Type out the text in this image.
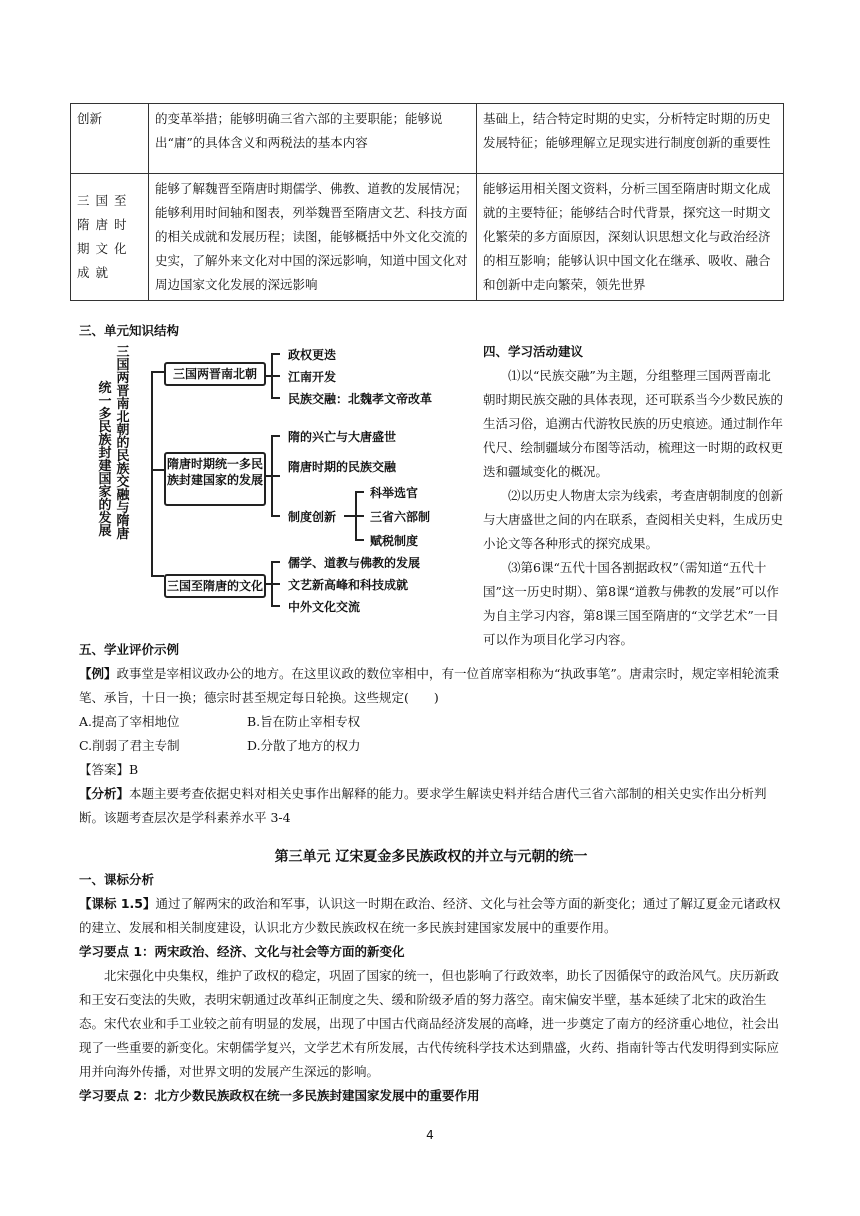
创新	的变革举措；能够明确三省六部的主要职能；能够说出“庸”的具体含义和两税法的基本内容	基础上，结合特定时期的史实，分析特定时期的历史发展特征；能够理解立足现实进行制度创新的重要性
三国至隋唐时期文化成就	能够了解魏晋至隋唐时期儒学、佛教、道教的发展情况；能够利用时间轴和图表，列举魏晋至隋唐文艺、科技方面的相关成就和发展历程；读图，能够概括中外文化交流的史实，了解外来文化对中国的深远影响，知道中国文化对周边国家文化发展的深远影响	能够运用相关图文资料，分析三国至隋唐时期文化成就的主要特征；能够结合时代背景，探究这一时期文化繁荣的多方面原因，深刻认识思想文化与政治经济的相互影响；能够认识中国文化在继承、吸收、融合和创新中走向繁荣，领先世界
三、单元知识结构
统一多民族封建国家的发展
三国两晋南北朝的民族交融与隋唐
三国两晋南北朝
政权更迭
江南开发
民族交融：北魏孝文帝改革
隋唐时期统一多民族封建国家的发展
隋的兴亡与大唐盛世
隋唐时期的民族交融
制度创新
科举选官
三省六部制
赋税制度
三国至隋唐的文化
儒学、道教与佛教的发展
文艺新高峰和科技成就
中外文化交流
四、学习活动建议
⑴以“民族交融”为主题，分组整理三国两晋南北朝时期民族交融的具体表现，还可联系当今少数民族的生活习俗，追溯古代游牧民族的历史痕迹。通过制作年代尺、绘制疆域分布图等活动，梳理这一时期的政权更迭和疆域变化的概况。
⑵以历史人物唐太宗为线索，考查唐朝制度的创新与大唐盛世之间的内在联系，查阅相关史料，生成历史小论文等各种形式的探究成果。
⑶第6课“五代十国各割据政权”（需知道“五代十国”这一历史时期）、第8课“道教与佛教的发展”可以作为自主学习内容，第8课三国至隋唐的“文学艺术”一目可以作为项目化学习内容。
五、学业评价示例
【例】政事堂是宰相议政办公的地方。在这里议政的数位宰相中，有一位首席宰相称为“执政事笔”。唐肃宗时，规定宰相轮流秉笔、承旨，十日一换；德宗时甚至规定每日轮换。这些规定(　　)
A.提高了宰相地位	B.旨在防止宰相专权
C.削弱了君主专制	D.分散了地方的权力
【答案】B
【分析】本题主要考查依据史料对相关史事作出解释的能力。要求学生解读史料并结合唐代三省六部制的相关史实作出分析判断。该题考查层次是学科素养水平 3-4
第三单元 辽宋夏金多民族政权的并立与元朝的统一
一、课标分析
【课标 1.5】通过了解两宋的政治和军事，认识这一时期在政治、经济、文化与社会等方面的新变化；通过了解辽夏金元诸政权的建立、发展和相关制度建设，认识北方少数民族政权在统一多民族封建国家发展中的重要作用。
学习要点 1：两宋政治、经济、文化与社会等方面的新变化
北宋强化中央集权，维护了政权的稳定，巩固了国家的统一，但也影响了行政效率，助长了因循保守的政治风气。庆历新政和王安石变法的失败，表明宋朝通过改革纠正制度之失、缓和阶级矛盾的努力落空。南宋偏安半壁，基本延续了北宋的政治生态。宋代农业和手工业较之前有明显的发展，出现了中国古代商品经济发展的高峰，进一步奠定了南方的经济重心地位，社会出现了一些重要的新变化。宋朝儒学复兴，文学艺术有所发展，古代传统科学技术达到鼎盛，火药、指南针等古代发明得到实际应用并向海外传播，对世界文明的发展产生深远的影响。
学习要点 2：北方少数民族政权在统一多民族封建国家发展中的重要作用
4
